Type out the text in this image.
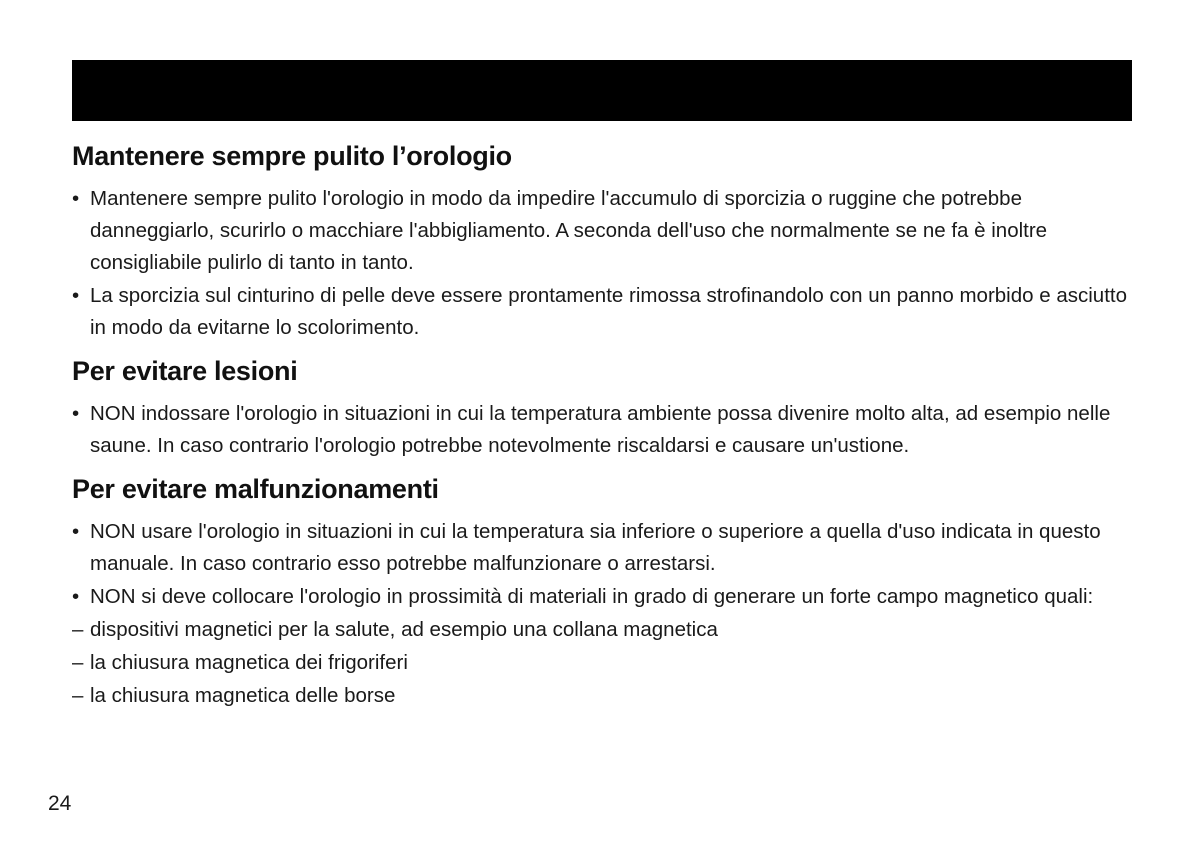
Mantenere sempre pulito l’orologio
• Mantenere sempre pulito l'orologio in modo da impedire l'accumulo di sporcizia o ruggine che potrebbe danneggiarlo, scurirlo o macchiare l'abbigliamento. A seconda dell'uso che normalmente se ne fa è inoltre consigliabile pulirlo di tanto in tanto.
• La sporcizia sul cinturino di pelle deve essere prontamente rimossa strofinandolo con un panno morbido e asciutto in modo da evitarne lo scolorimento.
Per evitare lesioni
• NON indossare l'orologio in situazioni in cui la temperatura ambiente possa divenire molto alta, ad esempio nelle saune. In caso contrario l'orologio potrebbe notevolmente riscaldarsi e causare un'ustione.
Per evitare malfunzionamenti
• NON usare l'orologio in situazioni in cui la temperatura sia inferiore o superiore a quella d'uso indicata in questo manuale. In caso contrario esso potrebbe malfunzionare o arrestarsi.
• NON si deve collocare l'orologio in prossimità di materiali in grado di generare un forte campo magnetico quali:
– dispositivi magnetici per la salute, ad esempio una collana magnetica
– la chiusura magnetica dei frigoriferi
– la chiusura magnetica delle borse
24
